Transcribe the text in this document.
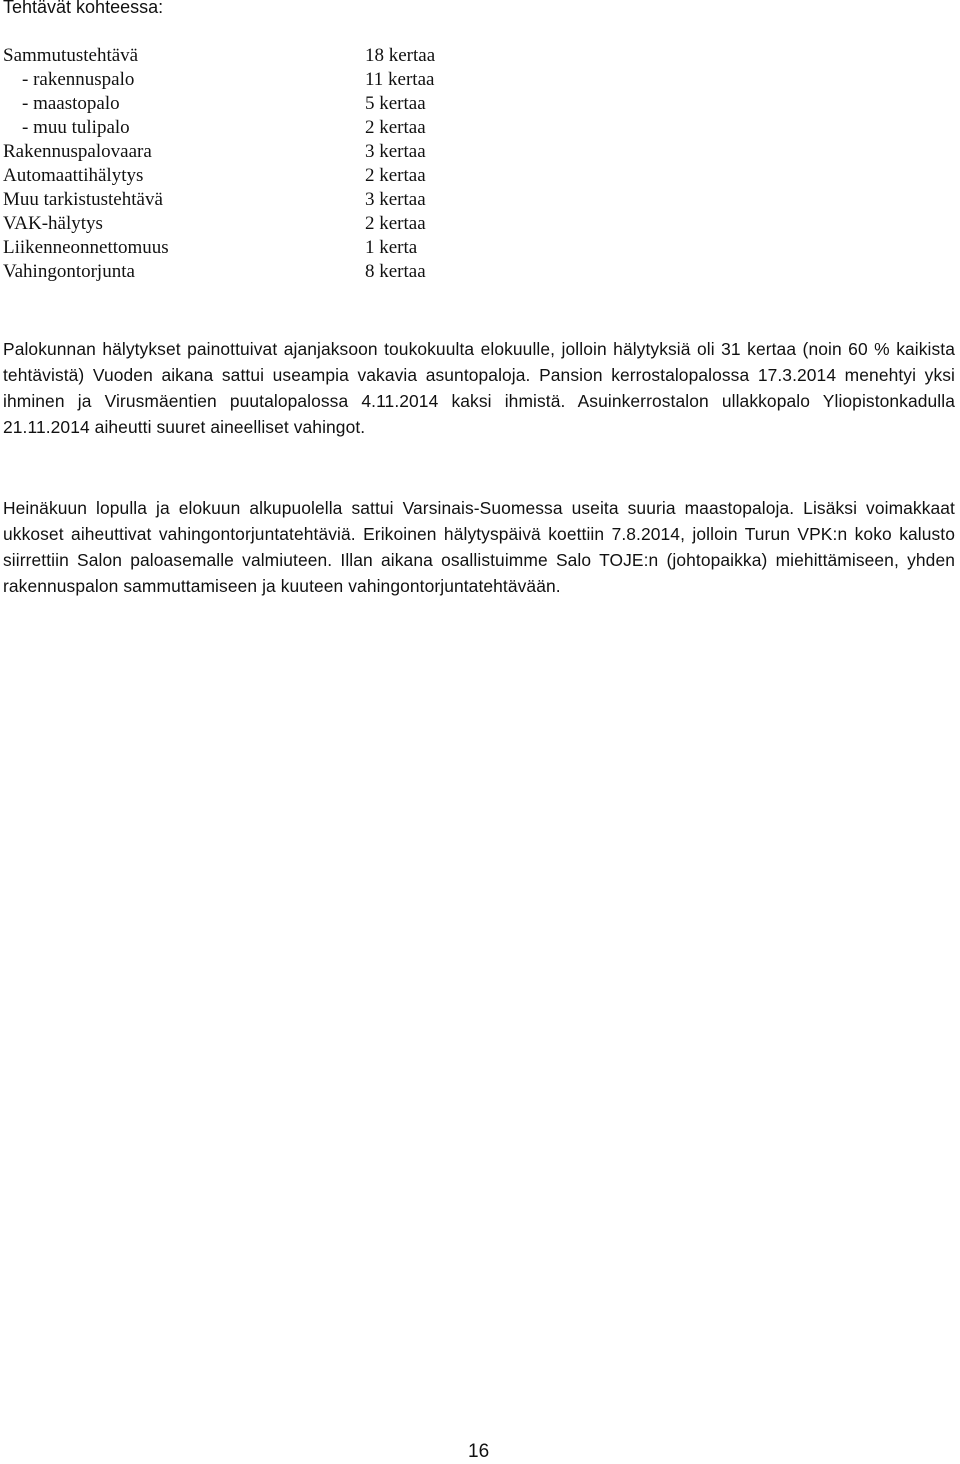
Tehtävät kohteessa:
Sammutustehtävä	18 kertaa
- rakennuspalo	11 kertaa
- maastopalo	5 kertaa
- muu tulipalo	2 kertaa
Rakennuspalovaara	3 kertaa
Automaattihälytys	2 kertaa
Muu tarkistustehtävä	3 kertaa
VAK-hälytys	2 kertaa
Liikenneonnettomuus	1 kerta
Vahingontorjunta	8 kertaa

Palokunnan hälytykset painottuivat ajanjaksoon toukokuulta elokuulle, jolloin hälytyksiä oli 31 kertaa (noin 60 % kaikista tehtävistä) Vuoden aikana sattui useampia vakavia asuntopaloja. Pansion kerrostalopalossa 17.3.2014 menehtyi yksi ihminen ja Virusmäentien puutalopalossa 4.11.2014 kaksi ihmistä. Asuinkerrostalon ullakkopalo Yliopistonkadulla 21.11.2014 aiheutti suuret aineelliset vahingot.

Heinäkuun lopulla ja elokuun alkupuolella sattui Varsinais-Suomessa useita suuria maastopaloja. Lisäksi voimakkaat ukkoset aiheuttivat vahingontorjuntatehtäviä. Erikoinen hälytyspäivä koettiin 7.8.2014, jolloin Turun VPK:n koko kalusto siirrettiin Salon paloasemalle valmiuteen. Illan aikana osallistuimme Salo TOJE:n (johtopaikka) miehittämiseen, yhden rakennuspalon sammuttamiseen ja kuuteen vahingontorjuntatehtävään.

16
